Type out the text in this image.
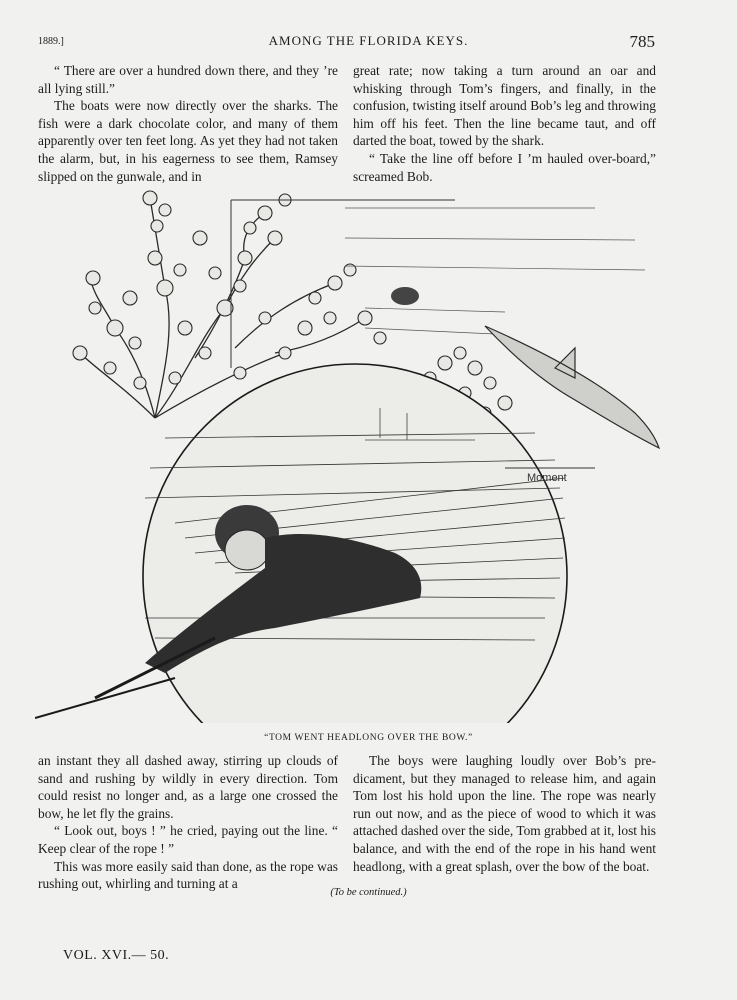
1889.]	AMONG THE FLORIDA KEYS.	785

“ There are over a hundred down there, and they ’re all lying still.”

The boats were now directly over the sharks. The fish were a dark chocolate color, and many of them apparently over ten feet long. As yet they had not taken the alarm, but, in his eagerness to see them, Ramsey slipped on the gunwale, and in

great rate; now taking a turn around an oar and whisking through Tom’s fingers, and finally, in the confusion, twisting itself around Bob’s leg and throwing him off his feet. Then the line became taut, and off darted the boat, towed by the shark.

“ Take the line off before I ’m hauled over-board,” screamed Bob.

Moment
“TOM WENT HEADLONG OVER THE BOW.”

an instant they all dashed away, stirring up clouds of sand and rushing by wildly in every direction. Tom could resist no longer and, as a large one crossed the bow, he let fly the grains.

“ Look out, boys ! ” he cried, paying out the line. “ Keep clear of the rope ! ”

This was more easily said than done, as the rope was rushing out, whirling and turning at a

The boys were laughing loudly over Bob’s pre-dicament, but they managed to release him, and again Tom lost his hold upon the line. The rope was nearly run out now, and as the piece of wood to which it was attached dashed over the side, Tom grabbed at it, lost his balance, and with the end of the rope in his hand went headlong, with a great splash, over the bow of the boat.

(To be continued.)
VOL. XVI.— 50.
